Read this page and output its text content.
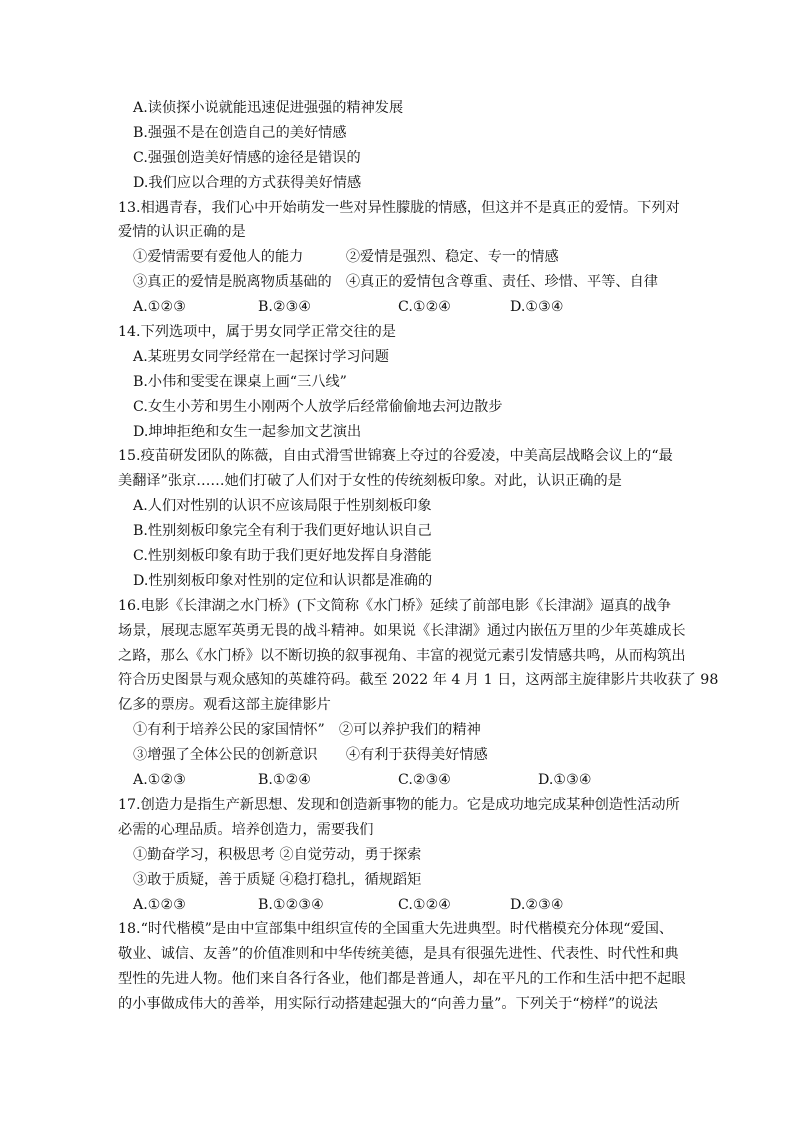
A.读侦探小说就能迅速促进强强的精神发展
B.强强不是在创造自己的美好情感
C.强强创造美好情感的途径是错误的
D.我们应以合理的方式获得美好情感
13.相遇青春，我们心中开始萌发一些对异性朦胧的情感，但这并不是真正的爱情。下列对
爱情的认识正确的是
①爱情需要有爱他人的能力　　　②爱情是强烈、稳定、专一的情感
③真正的爱情是脱离物质基础的　④真正的爱情包含尊重、责任、珍惜、平等、自律
A.①②③	B.②③④	C.①②④	D.①③④
14.下列选项中，属于男女同学正常交往的是
A.某班男女同学经常在一起探讨学习问题
B.小伟和雯雯在课桌上画“三八线”
C.女生小芳和男生小刚两个人放学后经常偷偷地去河边散步
D.坤坤拒绝和女生一起参加文艺演出
15.疫苗研发团队的陈薇，自由式滑雪世锦赛上夺过的谷爱凌，中美高层战略会议上的“最
美翻译”张京……她们打破了人们对于女性的传统刻板印象。对此，认识正确的是
A.人们对性别的认识不应该局限于性别刻板印象
B.性别刻板印象完全有利于我们更好地认识自己
C.性别刻板印象有助于我们更好地发挥自身潜能
D.性别刻板印象对性别的定位和认识都是准确的
16.电影《长津湖之水门桥》(下文简称《水门桥》延续了前部电影《长津湖》逼真的战争
场景，展现志愿军英勇无畏的战斗精神。如果说《长津湖》通过内嵌伍万里的少年英雄成长
之路，那么《水门桥》以不断切换的叙事视角、丰富的视觉元素引发情感共鸣，从而构筑出
符合历史图景与观众感知的英雄符码。截至 2022 年 4 月 1 日，这两部主旋律影片共收获了 98
亿多的票房。观看这部主旋律影片
①有利于培养公民的家国情怀”　②可以养护我们的精神
③增强了全体公民的创新意识　　④有利于获得美好情感
A.①②③	B.①②④	C.②③④	D.①③④
17.创造力是指生产新思想、发现和创造新事物的能力。它是成功地完成某种创造性活动所
必需的心理品质。培养创造力，需要我们
①勤奋学习，积极思考 ②自觉劳动，勇于探索
③敢于质疑，善于质疑 ④稳打稳扎，循规蹈矩
A.①②③	B.①②③④	C.①②④	D.②③④
18.“时代楷模”是由中宣部集中组织宣传的全国重大先进典型。时代楷模充分体现“爱国、
敬业、诚信、友善”的价值准则和中华传统美德，是具有很强先进性、代表性、时代性和典
型性的先进人物。他们来自各行各业，他们都是普通人，却在平凡的工作和生活中把不起眼
的小事做成伟大的善举，用实际行动搭建起强大的“向善力量”。下列关于“榜样”的说法
